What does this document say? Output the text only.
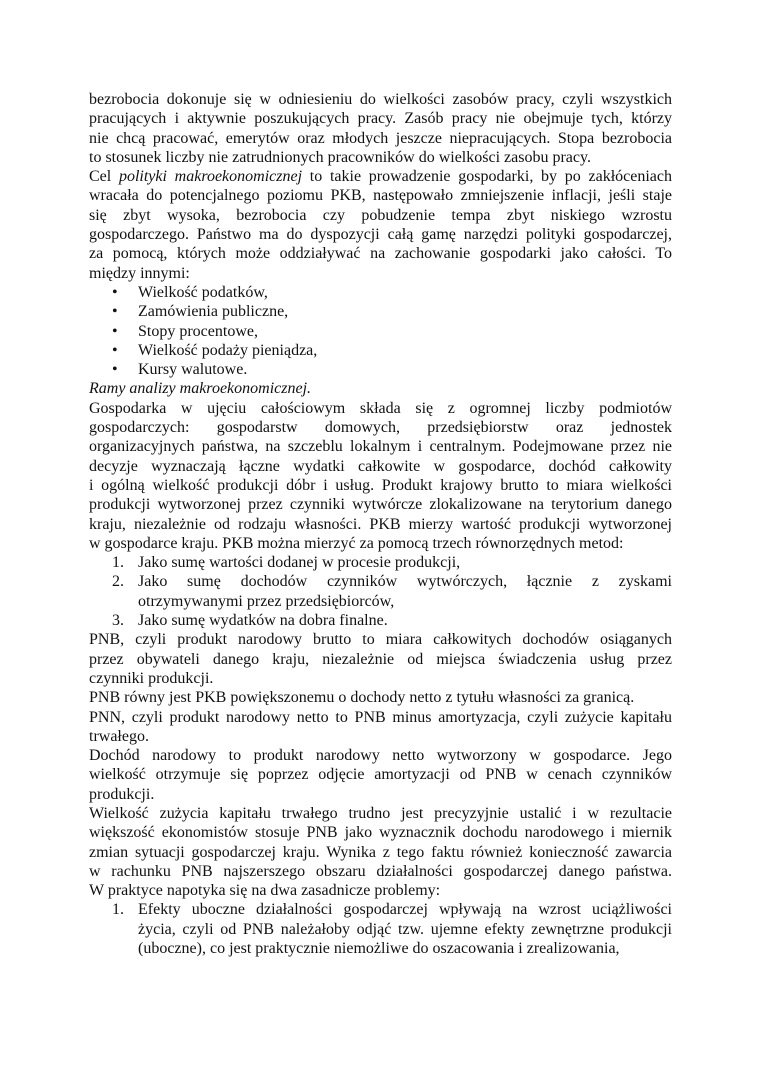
bezrobocia dokonuje się w odniesieniu do wielkości zasobów pracy, czyli wszystkich
pracujących i aktywnie poszukujących pracy. Zasób pracy nie obejmuje tych, którzy
nie chcą pracować, emerytów oraz młodych jeszcze niepracujących. Stopa bezrobocia
to stosunek liczby nie zatrudnionych pracowników do wielkości zasobu pracy.
Cel polityki makroekonomicznej to takie prowadzenie gospodarki, by po zakłóceniach
wracała do potencjalnego poziomu PKB, następowało zmniejszenie inflacji, jeśli staje
się zbyt wysoka, bezrobocia czy pobudzenie tempa zbyt niskiego wzrostu
gospodarczego. Państwo ma do dyspozycji całą gamę narzędzi polityki gospodarczej,
za pomocą, których może oddziaływać na zachowanie gospodarki jako całości. To
między innymi:
• Wielkość podatków,
• Zamówienia publiczne,
• Stopy procentowe,
• Wielkość podaży pieniądza,
• Kursy walutowe.
Ramy analizy makroekonomicznej.
Gospodarka w ujęciu całościowym składa się z ogromnej liczby podmiotów
gospodarczych: gospodarstw domowych, przedsiębiorstw oraz jednostek
organizacyjnych państwa, na szczeblu lokalnym i centralnym. Podejmowane przez nie
decyzje wyznaczają łączne wydatki całkowite w gospodarce, dochód całkowity
i ogólną wielkość produkcji dóbr i usług. Produkt krajowy brutto to miara wielkości
produkcji wytworzonej przez czynniki wytwórcze zlokalizowane na terytorium danego
kraju, niezależnie od rodzaju własności. PKB mierzy wartość produkcji wytworzonej
w gospodarce kraju. PKB można mierzyć za pomocą trzech równorzędnych metod:
1. Jako sumę wartości dodanej w procesie produkcji,
2. Jako sumę dochodów czynników wytwórczych, łącznie z zyskami
otrzymywanymi przez przedsiębiorców,
3. Jako sumę wydatków na dobra finalne.
PNB, czyli produkt narodowy brutto to miara całkowitych dochodów osiąganych
przez obywateli danego kraju, niezależnie od miejsca świadczenia usług przez
czynniki produkcji.
PNB równy jest PKB powiększonemu o dochody netto z tytułu własności za granicą.
PNN, czyli produkt narodowy netto to PNB minus amortyzacja, czyli zużycie kapitału
trwałego.
Dochód narodowy to produkt narodowy netto wytworzony w gospodarce. Jego
wielkość otrzymuje się poprzez odjęcie amortyzacji od PNB w cenach czynników
produkcji.
Wielkość zużycia kapitału trwałego trudno jest precyzyjnie ustalić i w rezultacie
większość ekonomistów stosuje PNB jako wyznacznik dochodu narodowego i miernik
zmian sytuacji gospodarczej kraju. Wynika z tego faktu również konieczność zawarcia
w rachunku PNB najszerszego obszaru działalności gospodarczej danego państwa.
W praktyce napotyka się na dwa zasadnicze problemy:
1. Efekty uboczne działalności gospodarczej wpływają na wzrost uciążliwości
życia, czyli od PNB należałoby odjąć tzw. ujemne efekty zewnętrzne produkcji
(uboczne), co jest praktycznie niemożliwe do oszacowania i zrealizowania,
